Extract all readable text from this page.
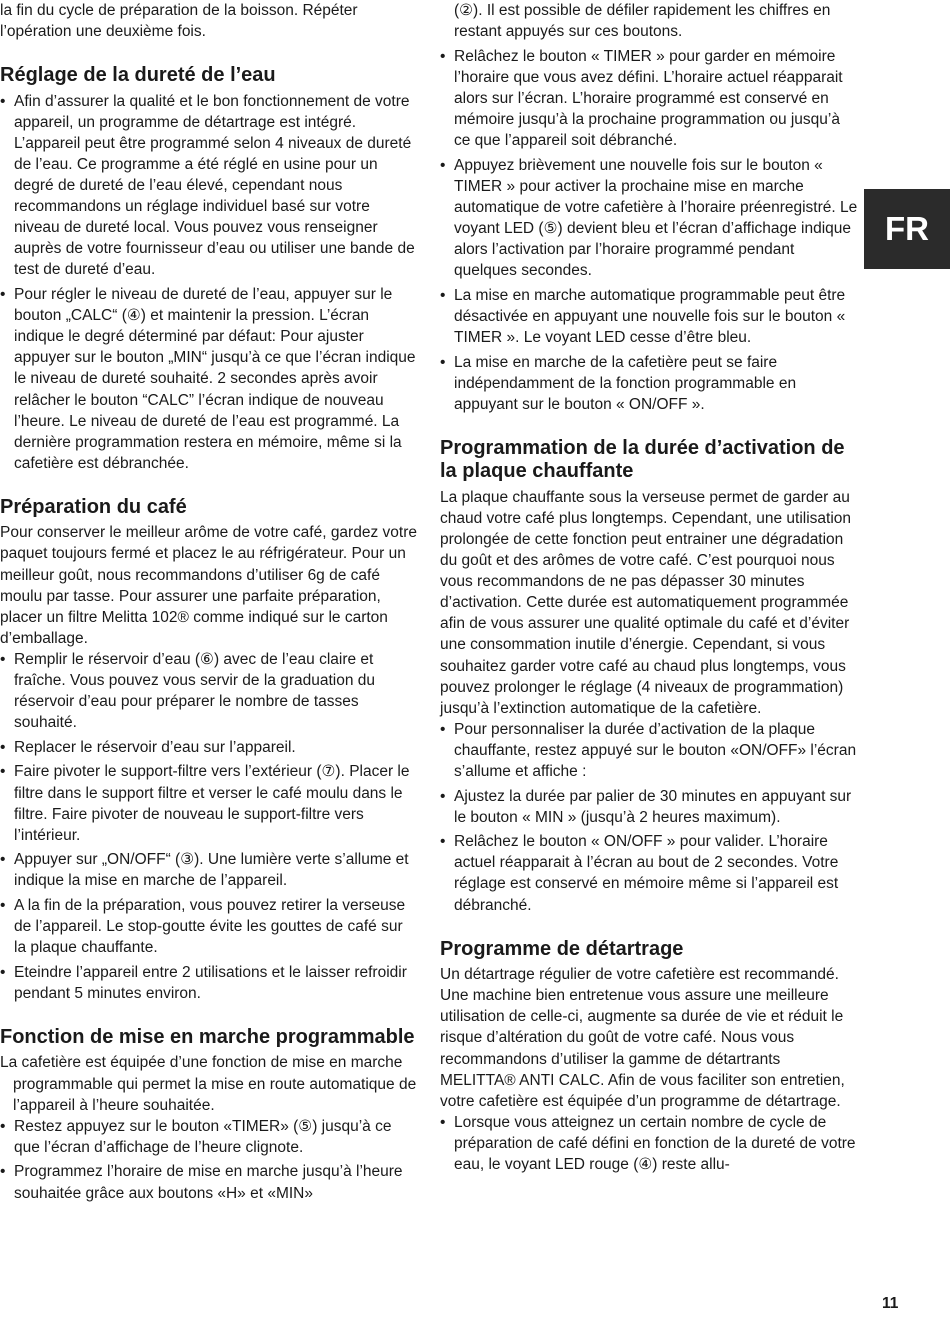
FR

la fin du cycle de préparation de la boisson. Répéter l’opération une deuxième fois.

Réglage de la dureté de l’eau
• Afin d’assurer la qualité et le bon fonctionnement de votre appareil, un programme de détartrage est intégré. L’appareil peut être programmé selon 4 niveaux de dureté de l’eau. Ce programme a été réglé en usine pour un degré de dureté de l’eau élevé, cependant nous recommandons un réglage individuel basé sur votre niveau de dureté local. Vous pouvez vous renseigner auprès de votre fournisseur d’eau ou utiliser une bande de test de dureté d’eau.
• Pour régler le niveau de dureté de l’eau, appuyer sur le bouton „CALC“ (④) et maintenir la pression. L’écran indique le degré déterminé par défaut: Pour ajuster appuyer sur le bouton „MIN“ jusqu’à ce que l’écran indique le niveau de dureté souhaité. 2 secondes après avoir relâcher le bouton “CALC” l’écran indique de nouveau l’heure. Le niveau de dureté de l’eau est programmé. La dernière programmation restera en mémoire, même si la cafetière est débranchée.
Préparation du café

Pour conserver le meilleur arôme de votre café, gardez votre paquet toujours fermé et placez le au réfrigérateur. Pour un meilleur goût, nous recommandons d’utiliser 6g de café moulu par tasse. Pour assurer une parfaite préparation, placer un filtre Melitta 102® comme indiqué sur le carton d’emballage.

• Remplir le réservoir d’eau (⑥) avec de l’eau claire et fraîche. Vous pouvez vous servir de la graduation du réservoir d’eau pour préparer le nombre de tasses souhaité.
• Replacer le réservoir d’eau sur l’appareil.
• Faire pivoter le support-filtre vers l’extérieur (⑦). Placer le filtre dans le support filtre et verser le café moulu dans le filtre. Faire pivoter de nouveau le support-filtre vers l’intérieur.
• Appuyer sur „ON/OFF“ (③). Une lumière verte s’allume et indique la mise en marche de l’appareil.
• A la fin de la préparation, vous pouvez retirer la verseuse de l’appareil. Le stop-goutte évite les gouttes de café sur la plaque chauffante.
• Eteindre l’appareil entre 2 utilisations et le laisser refroidir pendant 5 minutes environ.
Fonction de mise en marche programmable

La cafetière est équipée d’une fonction de mise en marche programmable qui permet la mise en route automatique de l’appareil à l’heure souhaitée.

• Restez appuyez sur le bouton «TIMER» (⑤) jusqu’à ce que l’écran d’affichage de l’heure clignote.
• Programmez l’horaire de mise en marche jusqu’à l’heure souhaitée grâce aux boutons «H» et «MIN»
(②). Il est possible de défiler rapidement les chiffres en restant appuyés sur ces boutons.
• Relâchez le bouton « TIMER » pour garder en mémoire l’horaire que vous avez défini. L’horaire actuel réapparait alors sur l’écran. L’horaire programmé est conservé en mémoire jusqu’à la prochaine programmation ou jusqu’à ce que l’appareil soit débranché.
• Appuyez brièvement une nouvelle fois sur le bouton « TIMER » pour activer la prochaine mise en marche automatique de votre cafetière à l’horaire préenregistré. Le voyant LED (⑤) devient bleu et l’écran d’affichage indique alors l’activation par l’horaire programmé pendant quelques secondes.
• La mise en marche automatique programmable peut être désactivée en appuyant une nouvelle fois sur le bouton « TIMER ». Le voyant LED cesse d’être bleu.
• La mise en marche de la cafetière peut se faire indépendamment de la fonction programmable en appuyant sur le bouton « ON/OFF ».
Programmation de la durée d’activation de la plaque chauffante

La plaque chauffante sous la verseuse permet de garder au chaud votre café plus longtemps. Cependant, une utilisation prolongée de cette fonction peut entrainer une dégradation du goût et des arômes de votre café. C’est pourquoi nous vous recommandons de ne pas dépasser 30 minutes d’activation. Cette durée est automatiquement programmée afin de vous assurer une qualité optimale du café et d’éviter une consommation inutile d’énergie. Cependant, si vous souhaitez garder votre café au chaud plus longtemps, vous pouvez prolonger le réglage (4 niveaux de programmation) jusqu’à l’extinction automatique de la cafetière.

• Pour personnaliser la durée d’activation de la plaque chauffante, restez appuyé sur le bouton «ON/OFF» l’écran s’allume et affiche :
• Ajustez la durée par palier de 30 minutes en appuyant sur le bouton « MIN » (jusqu’à 2 heures maximum).
• Relâchez le bouton « ON/OFF » pour valider. L’horaire actuel réapparait à l’écran au bout de 2 secondes. Votre réglage est conservé en mémoire même si l’appareil est débranché.
Programme de détartrage

Un détartrage régulier de votre cafetière est recommandé. Une machine bien entretenue vous assure une meilleure utilisation de celle-ci, augmente sa durée de vie et réduit le risque d’altération du goût de votre café. Nous vous recommandons d’utiliser la gamme de détartrants MELITTA® ANTI CALC. Afin de vous faciliter son entretien, votre cafetière est équipée d’un programme de détartrage.

• Lorsque vous atteignez un certain nombre de cycle de préparation de café défini en fonction de la dureté de votre eau, le voyant LED rouge (④) reste allu-
11
